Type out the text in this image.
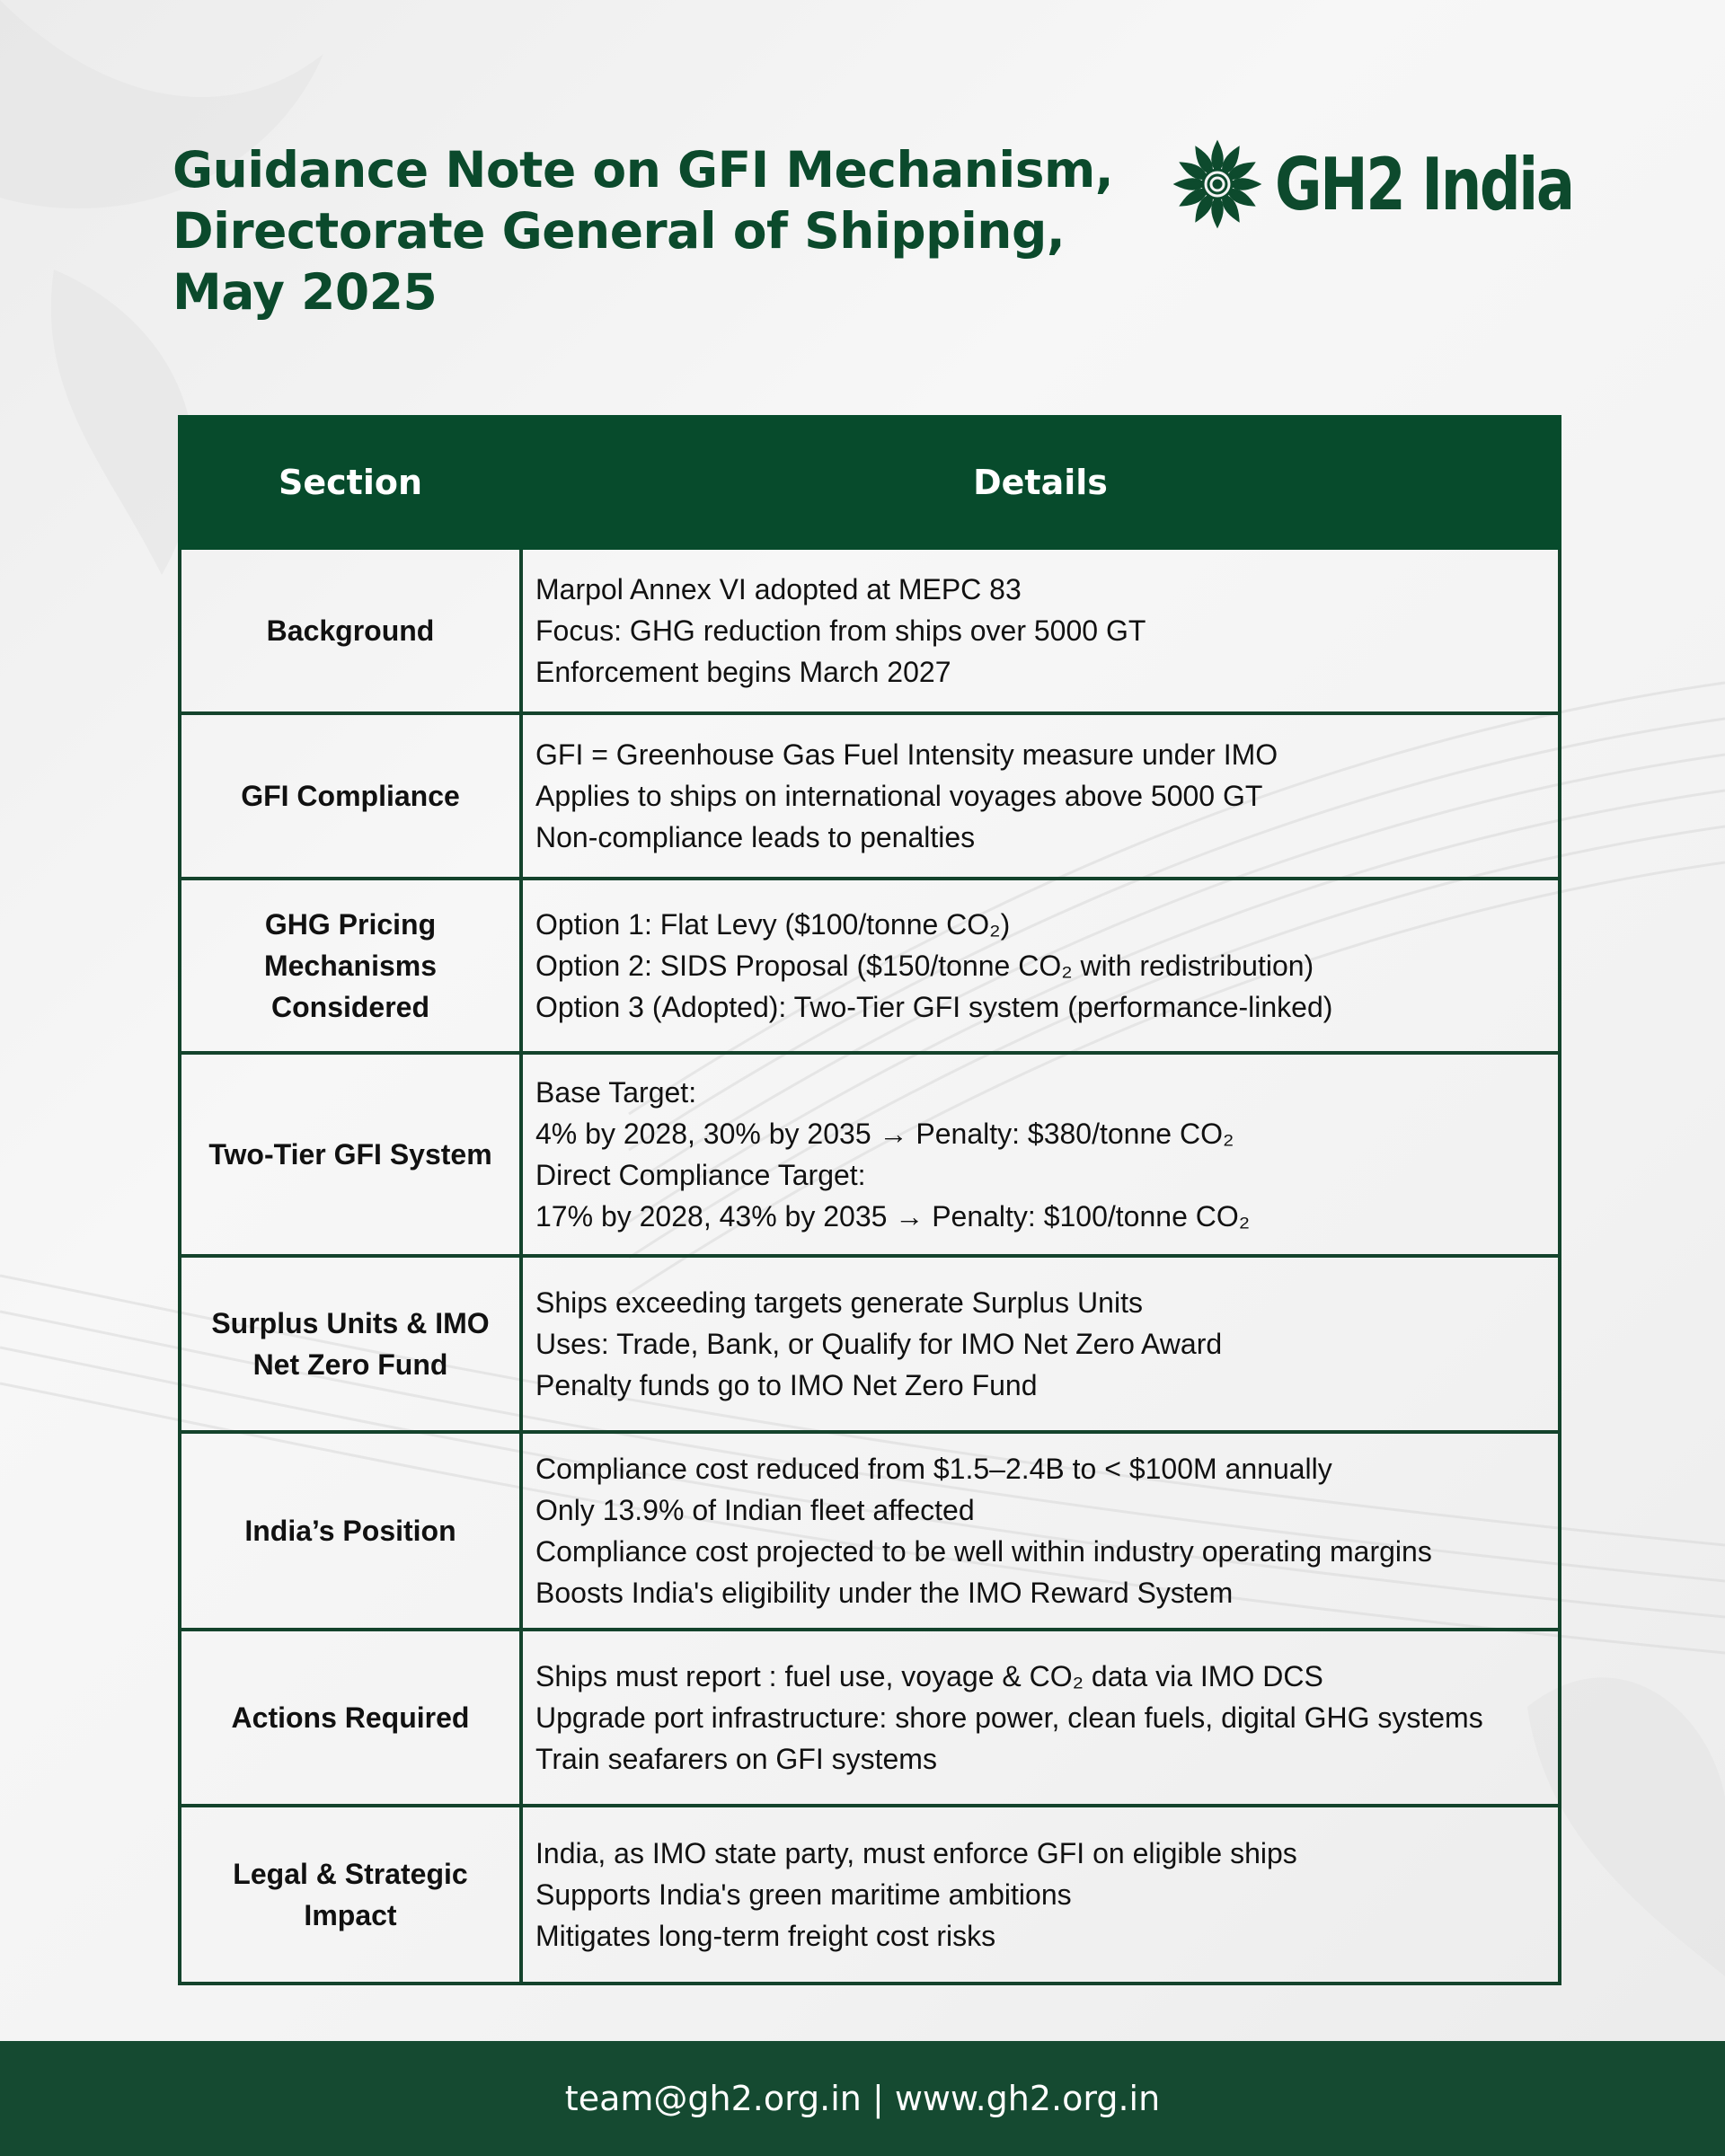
Guidance Note on GFI Mechanism,
Directorate General of Shipping,
May 2025
GH2 India
Section	Details
Background	Marpol Annex VI adopted at MEPC 83
Focus: GHG reduction from ships over 5000 GT
Enforcement begins March 2027

GFI Compliance	GFI = Greenhouse Gas Fuel Intensity measure under IMO
Applies to ships on international voyages above 5000 GT
Non-compliance leads to penalties

GHG Pricing Mechanisms Considered	Option 1: Flat Levy ($100/tonne CO₂)
Option 2: SIDS Proposal ($150/tonne CO₂ with redistribution)
Option 3 (Adopted): Two-Tier GFI system (performance-linked)

Two-Tier GFI System	Base Target:
4% by 2028, 30% by 2035 → Penalty: $380/tonne CO₂
Direct Compliance Target:
17% by 2028, 43% by 2035 → Penalty: $100/tonne CO₂

Surplus Units & IMO Net Zero Fund	Ships exceeding targets generate Surplus Units
Uses: Trade, Bank, or Qualify for IMO Net Zero Award
Penalty funds go to IMO Net Zero Fund

India’s Position	Compliance cost reduced from $1.5–2.4B to < $100M annually
Only 13.9% of Indian fleet affected
Compliance cost projected to be well within industry operating margins
Boosts India's eligibility under the IMO Reward System

Actions Required	Ships must report : fuel use, voyage & CO₂ data via IMO DCS
Upgrade port infrastructure: shore power, clean fuels, digital GHG systems
Train seafarers on GFI systems

Legal & Strategic Impact	India, as IMO state party, must enforce GFI on eligible ships
Supports India's green maritime ambitions
Mitigates long-term freight cost risks
team@gh2.org.in | www.gh2.org.in
